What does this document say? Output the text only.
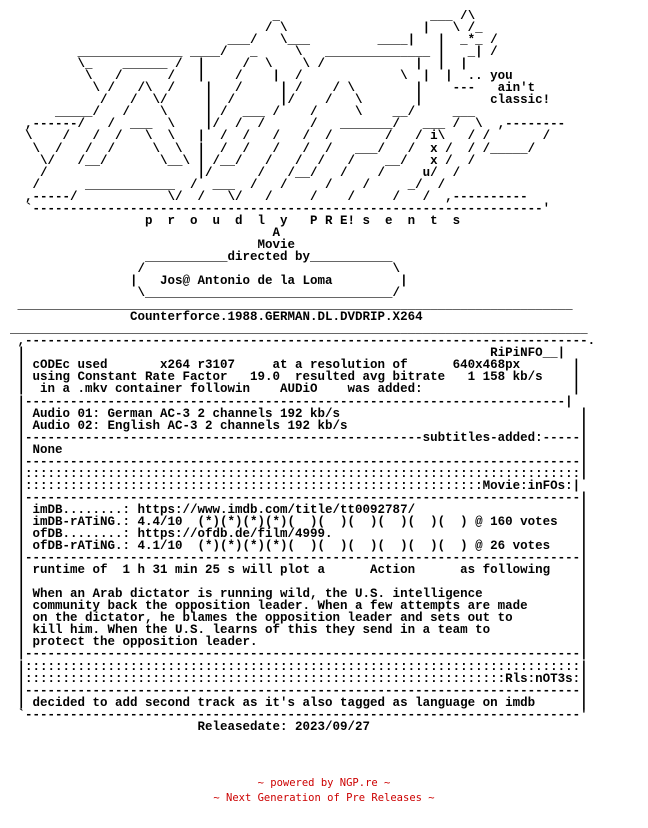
_                    ___ /\
/ \                  |   \ /_
___/   \___         ____|   |  _*_ /
______________ ____/   _     \   ______________ |   _| /
\_    ______ /  |     /  \    \ /            |  |  |
\   /      /   |    /    |  /             \  |  |  .. you
\ /   /\  /    |   /     | /    / \        |    ---   ain't
/   /  \/     |  /      |/    /   \       |         classic!
_____/   /    \     | /  ___ /    /     \    __/     ___
,------/   /  ___  \    |/  /  /      /   _______/   ___ /  \  ,--------
\    /   /  /   \  \   |  /  /   /   /  /       /   / i\   / /       /
\  /   /  /     \  \  |  /  /   /   /  /   ___/   /  x /  / /_____/
\/   /__/       \__\ | /__/   /   /  /   /    __/   x /  /
/                    |/      /   /__/   /    /     u/  /
/      ____________  /  ___  /   /     /    /     _/  /
,-----/            \/  /   \/   /     /    /     /   /  ,----------
`--------------------------------------------------------------------'
p  r  o  u  d  l  y   P R E! s  e  n  t  s
A
Movie
___________directed by___________
/                                 \
|   Jos@ Antonio de la Loma         |
\_________________________________/
__________________________________________________________________________
Counterforce.1988.GERMAN.DL.DVDRIP.X264
_____________________________________________________________________________
,---------------------------------------------------------------------------.
|                                                              RiPiNFO__|
| cODEc used       x264 r3107     at a resolution of      640x468px       |
| using Constant Rate Factor   19.0  resulted avg bitrate   1 158 kb/s    |
|  in a .mkv container followin    AUDiO    was added:                    |
|------------------------------------------------------------------------|
| Audio 01: German AC-3 2 channels 192 kb/s                                |
| Audio 02: English AC-3 2 channels 192 kb/s                               |
|-----------------------------------------------------subtitles-added:-----|
| None                                                                     |
|--------------------------------------------------------------------------|
|::::::::::::::::::::::::::::::::::::::::::::::::::::::::::::::::::::::::::|
|:::::::::::::::::::::::::::::::::::::::::::::::::::::::::::::Movie:inFOs:|
|--------------------------------------------------------------------------|
| imDB........: https://www.imdb.com/title/tt0092787/                      |
| imDB-rATiNG.: 4.4/10  (*)(*)(*)(*)(  )(  )(  )(  )(  )(  ) @ 160 votes   |
| ofDB........: https://ofdb.de/film/4999.                                 |
| ofDB-rATiNG.: 4.1/10  (*)(*)(*)(*)(  )(  )(  )(  )(  )(  ) @ 26 votes    |
|--------------------------------------------------------------------------|
| runtime of  1 h 31 min 25 s will plot a      Action      as following    |
|                                                                          |
| When an Arab dictator is running wild, the U.S. intelligence             |
| community back the opposition leader. When a few attempts are made       |
| on the dictator, he blames the opposition leader and sets out to         |
| kill him. When the U.S. learns of this they send in a team to            |
| protect the opposition leader.                                           |
|--------------------------------------------------------------------------|
|::::::::::::::::::::::::::::::::::::::::::::::::::::::::::::::::::::::::::|
|::::::::::::::::::::::::::::::::::::::::::::::::::::::::::::::::Rls:nOT3s:|
|--------------------------------------------------------------------------|
| decided to add second track as it's also tagged as language on imdb      |
`--------------------------------------------------------------------------'
Releasedate: 2023/09/27

~ powered by NGP.re ~
~ Next Generation of Pre Releases ~
